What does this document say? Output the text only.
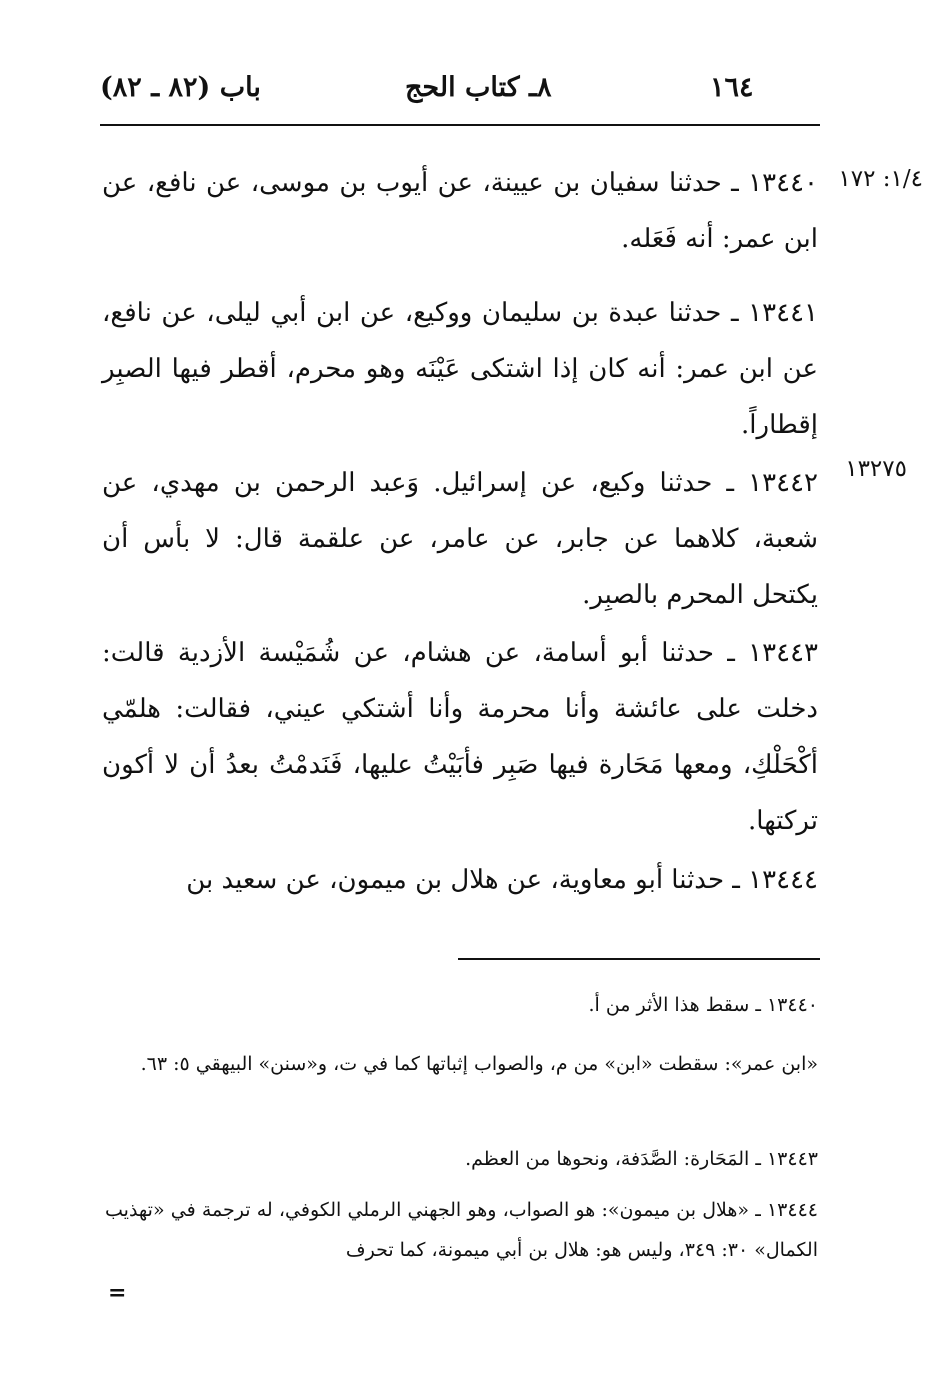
١٦٤
٨ـ كتاب الحج
باب (٨٢ ـ ٨٢)
١/٤: ١٧٢
١٣٢٧٥
١٣٤٤٠ ـ حدثنا سفيان بن عيينة، عن أيوب بن موسى، عن نافع، عن ابن عمر: أنه فَعَله.
١٣٤٤١ ـ حدثنا عبدة بن سليمان ووكيع، عن ابن أبي ليلى، عن نافع، عن ابن عمر: أنه كان إذا اشتكى عَيْنَه وهو محرم، أقطر فيها الصبِر إقطاراً.
١٣٤٤٢ ـ حدثنا وكيع، عن إسرائيل. وَعبد الرحمن بن مهدي، عن شعبة، كلاهما عن جابر، عن عامر، عن علقمة قال: لا بأس أن يكتحل المحرم بالصبِر.
١٣٤٤٣ ـ حدثنا أبو أسامة، عن هشام، عن شُمَيْسة الأزدية قالت: دخلت على عائشة وأنا محرمة وأنا أشتكي عيني، فقالت: هلمّي أكْحَلْكِ، ومعها مَحَارة فيها صَبِر فأبَيْتُ عليها، فَنَدمْتُ بعدُ أن لا أكون تركتها.
١٣٤٤٤ ـ حدثنا أبو معاوية، عن هلال بن ميمون، عن سعيد بن
١٣٤٤٠ ـ سقط هذا الأثر من أ.
«ابن عمر»: سقطت «ابن» من م، والصواب إثباتها كما في ت، و«سنن» البيهقي ٥: ٦٣.
١٣٤٤٣ ـ المَحَارة: الصَّدَفة، ونحوها من العظم.
١٣٤٤٤ ـ «هلال بن ميمون»: هو الصواب، وهو الجهني الرملي الكوفي، له ترجمة في «تهذيب الكمال» ٣٠: ٣٤٩، وليس هو: هلال بن أبي ميمونة، كما تحرف
=
